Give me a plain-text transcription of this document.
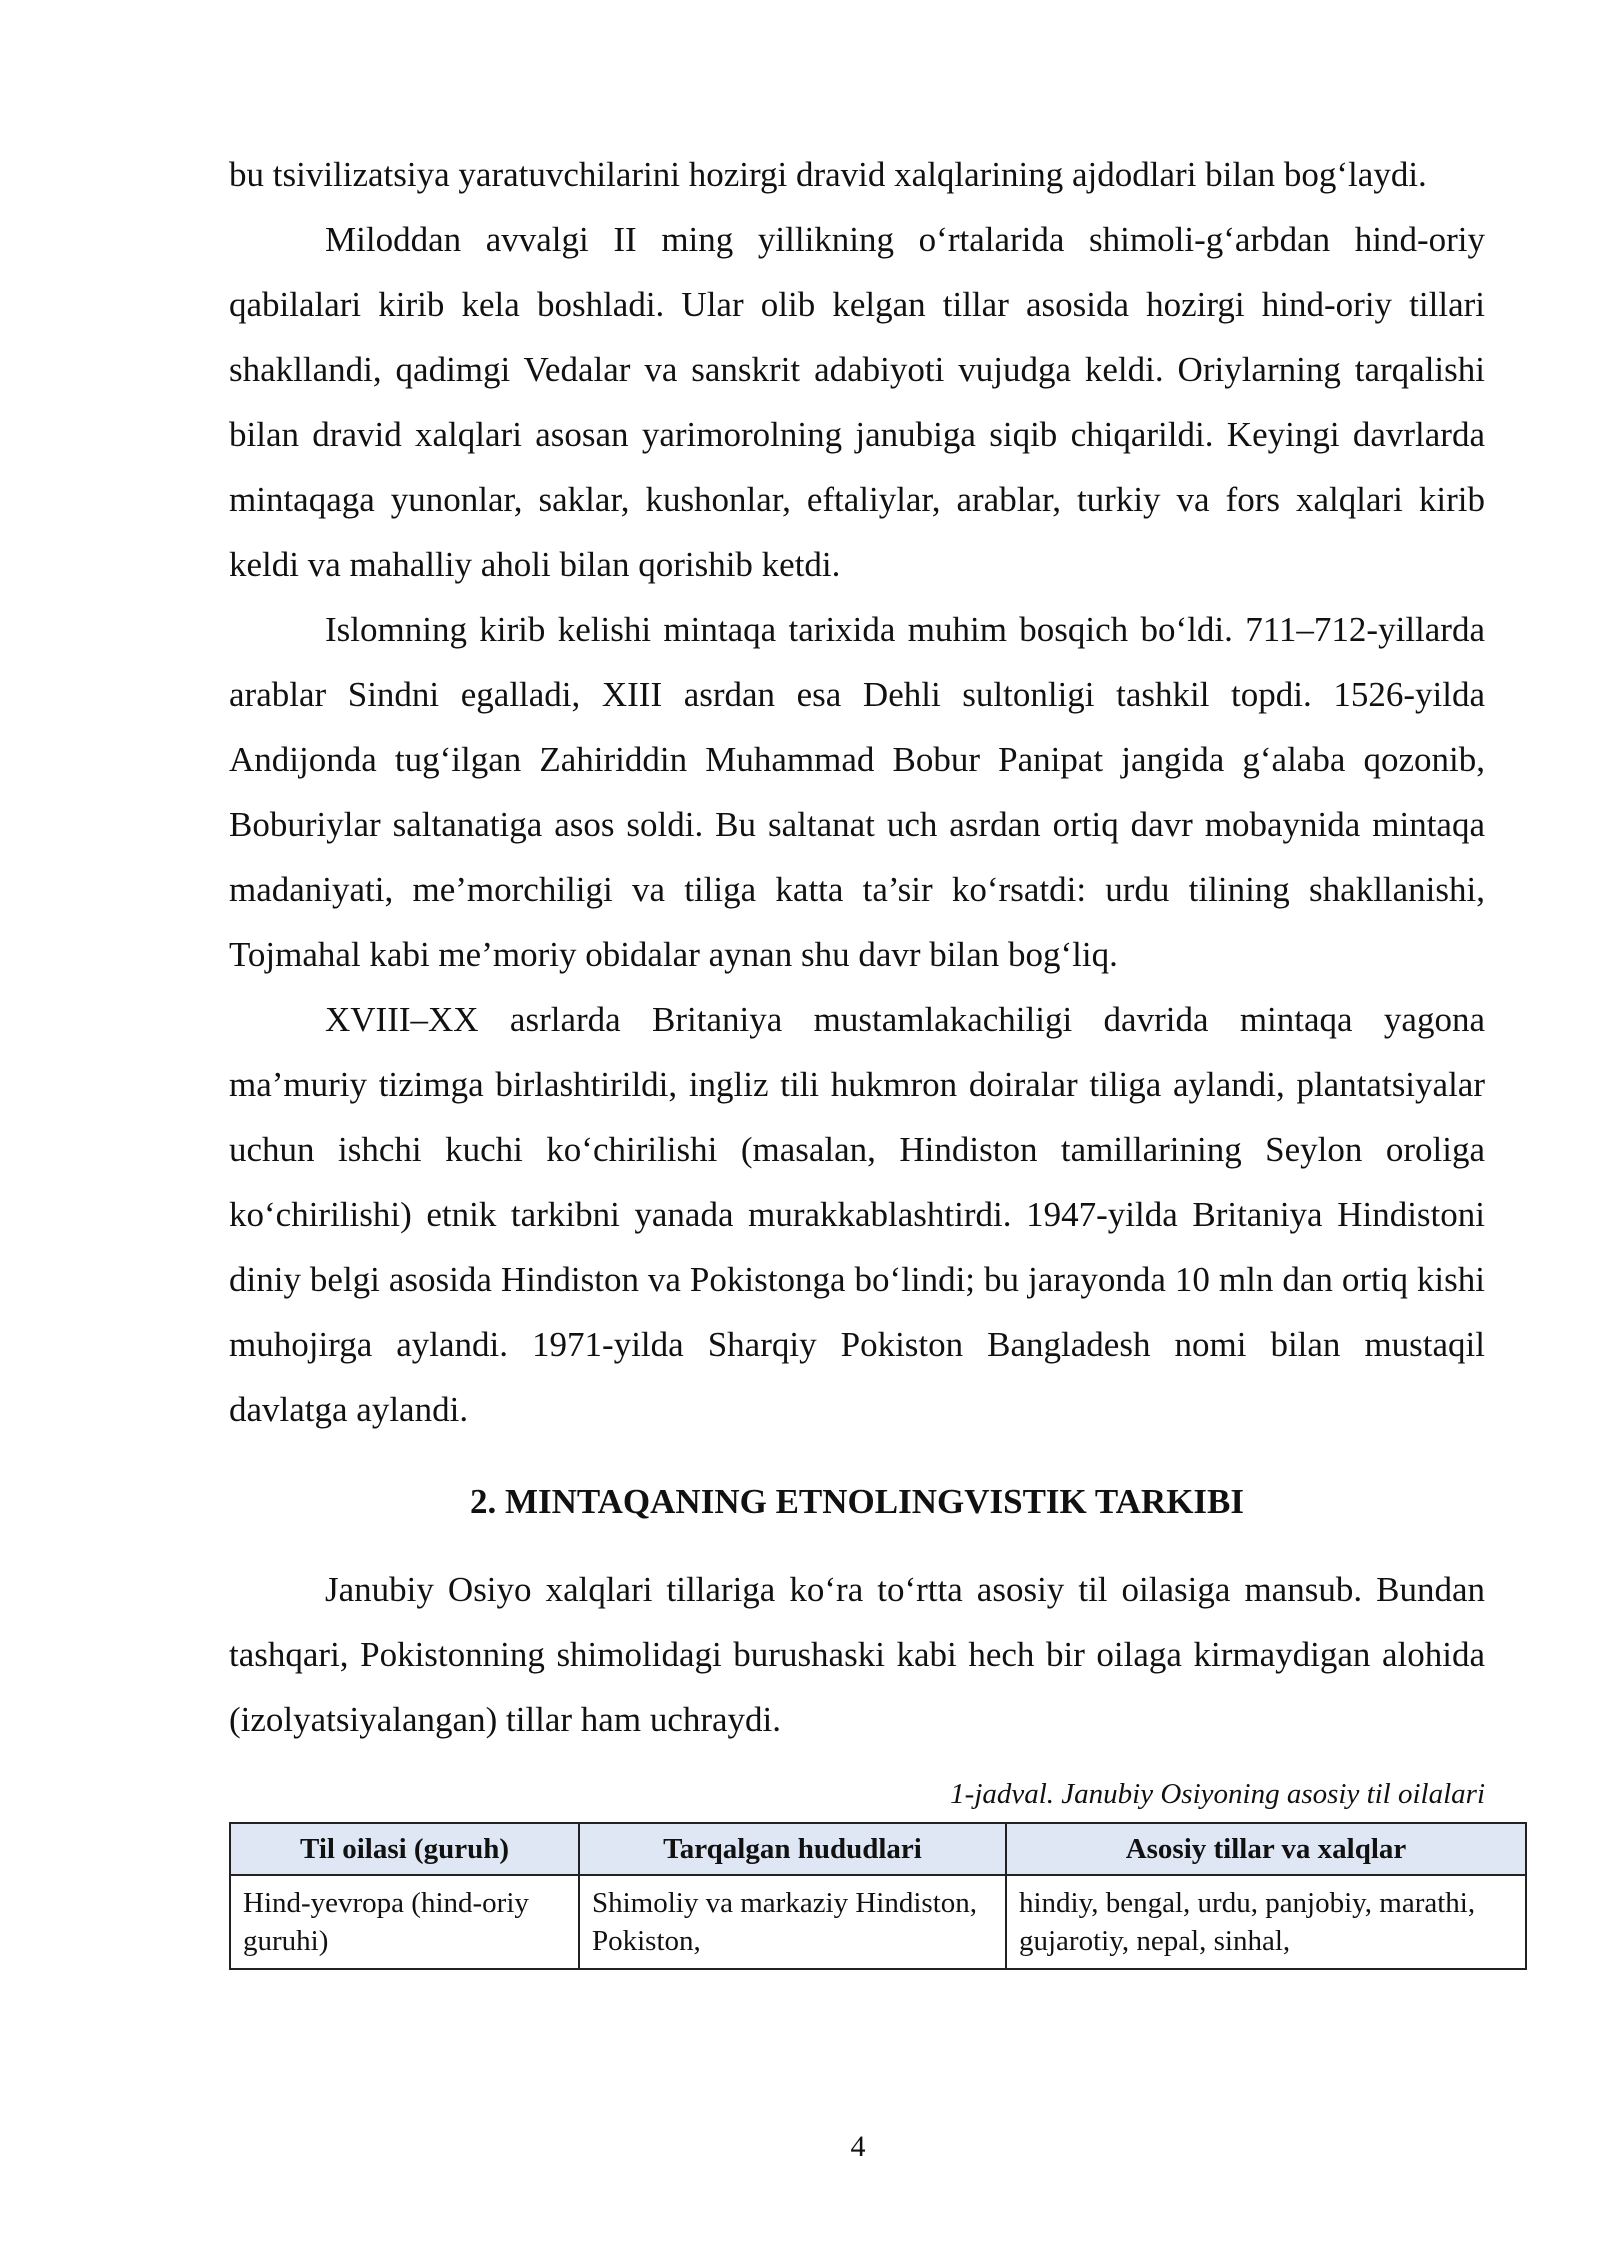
bu tsivilizatsiya yaratuvchilarini hozirgi dravid xalqlarining ajdodlari bilan bog‘laydi.

Miloddan avvalgi II ming yillikning o‘rtalarida shimoli-g‘arbdan hind-oriy qabilalari kirib kela boshladi. Ular olib kelgan tillar asosida hozirgi hind-oriy tillari shakllandi, qadimgi Vedalar va sanskrit adabiyoti vujudga keldi. Oriylarning tarqalishi bilan dravid xalqlari asosan yarimorolning janubiga siqib chiqarildi. Keyingi davrlarda mintaqaga yunonlar, saklar, kushonlar, eftaliylar, arablar, turkiy va fors xalqlari kirib keldi va mahalliy aholi bilan qorishib ketdi.

Islomning kirib kelishi mintaqa tarixida muhim bosqich bo‘ldi. 711–712-yillarda arablar Sindni egalladi, XIII asrdan esa Dehli sultonligi tashkil topdi. 1526-yilda Andijonda tug‘ilgan Zahiriddin Muhammad Bobur Panipat jangida g‘alaba qozonib, Boburiylar saltanatiga asos soldi. Bu saltanat uch asrdan ortiq davr mobaynida mintaqa madaniyati, me’morchiligi va tiliga katta ta’sir ko‘rsatdi: urdu tilining shakllanishi, Tojmahal kabi me’moriy obidalar aynan shu davr bilan bog‘liq.

XVIII–XX asrlarda Britaniya mustamlakachiligi davrida mintaqa yagona ma’muriy tizimga birlashtirildi, ingliz tili hukmron doiralar tiliga aylandi, plantatsiyalar uchun ishchi kuchi ko‘chirilishi (masalan, Hindiston tamillarining Seylon oroliga ko‘chirilishi) etnik tarkibni yanada murakkablashtirdi. 1947-yilda Britaniya Hindistoni diniy belgi asosida Hindiston va Pokistonga bo‘lindi; bu jarayonda 10 mln dan ortiq kishi muhojirga aylandi. 1971-yilda Sharqiy Pokiston Bangladesh nomi bilan mustaqil davlatga aylandi.

2. MINTAQANING ETNOLINGVISTIK TARKIBI

Janubiy Osiyo xalqlari tillariga ko‘ra to‘rtta asosiy til oilasiga mansub. Bundan tashqari, Pokistonning shimolidagi burushaski kabi hech bir oilaga kirmaydigan alohida (izolyatsiyalangan) tillar ham uchraydi.

1-jadval. Janubiy Osiyoning asosiy til oilalari
Til oilasi (guruh)	Tarqalgan hududlari	Asosiy tillar va xalqlar
Hind-yevropa (hind-oriy guruhi)	Shimoliy va markaziy Hindiston, Pokiston,	hindiy, bengal, urdu, panjobiy, marathi, gujarotiy, nepal, sinhal,
4
